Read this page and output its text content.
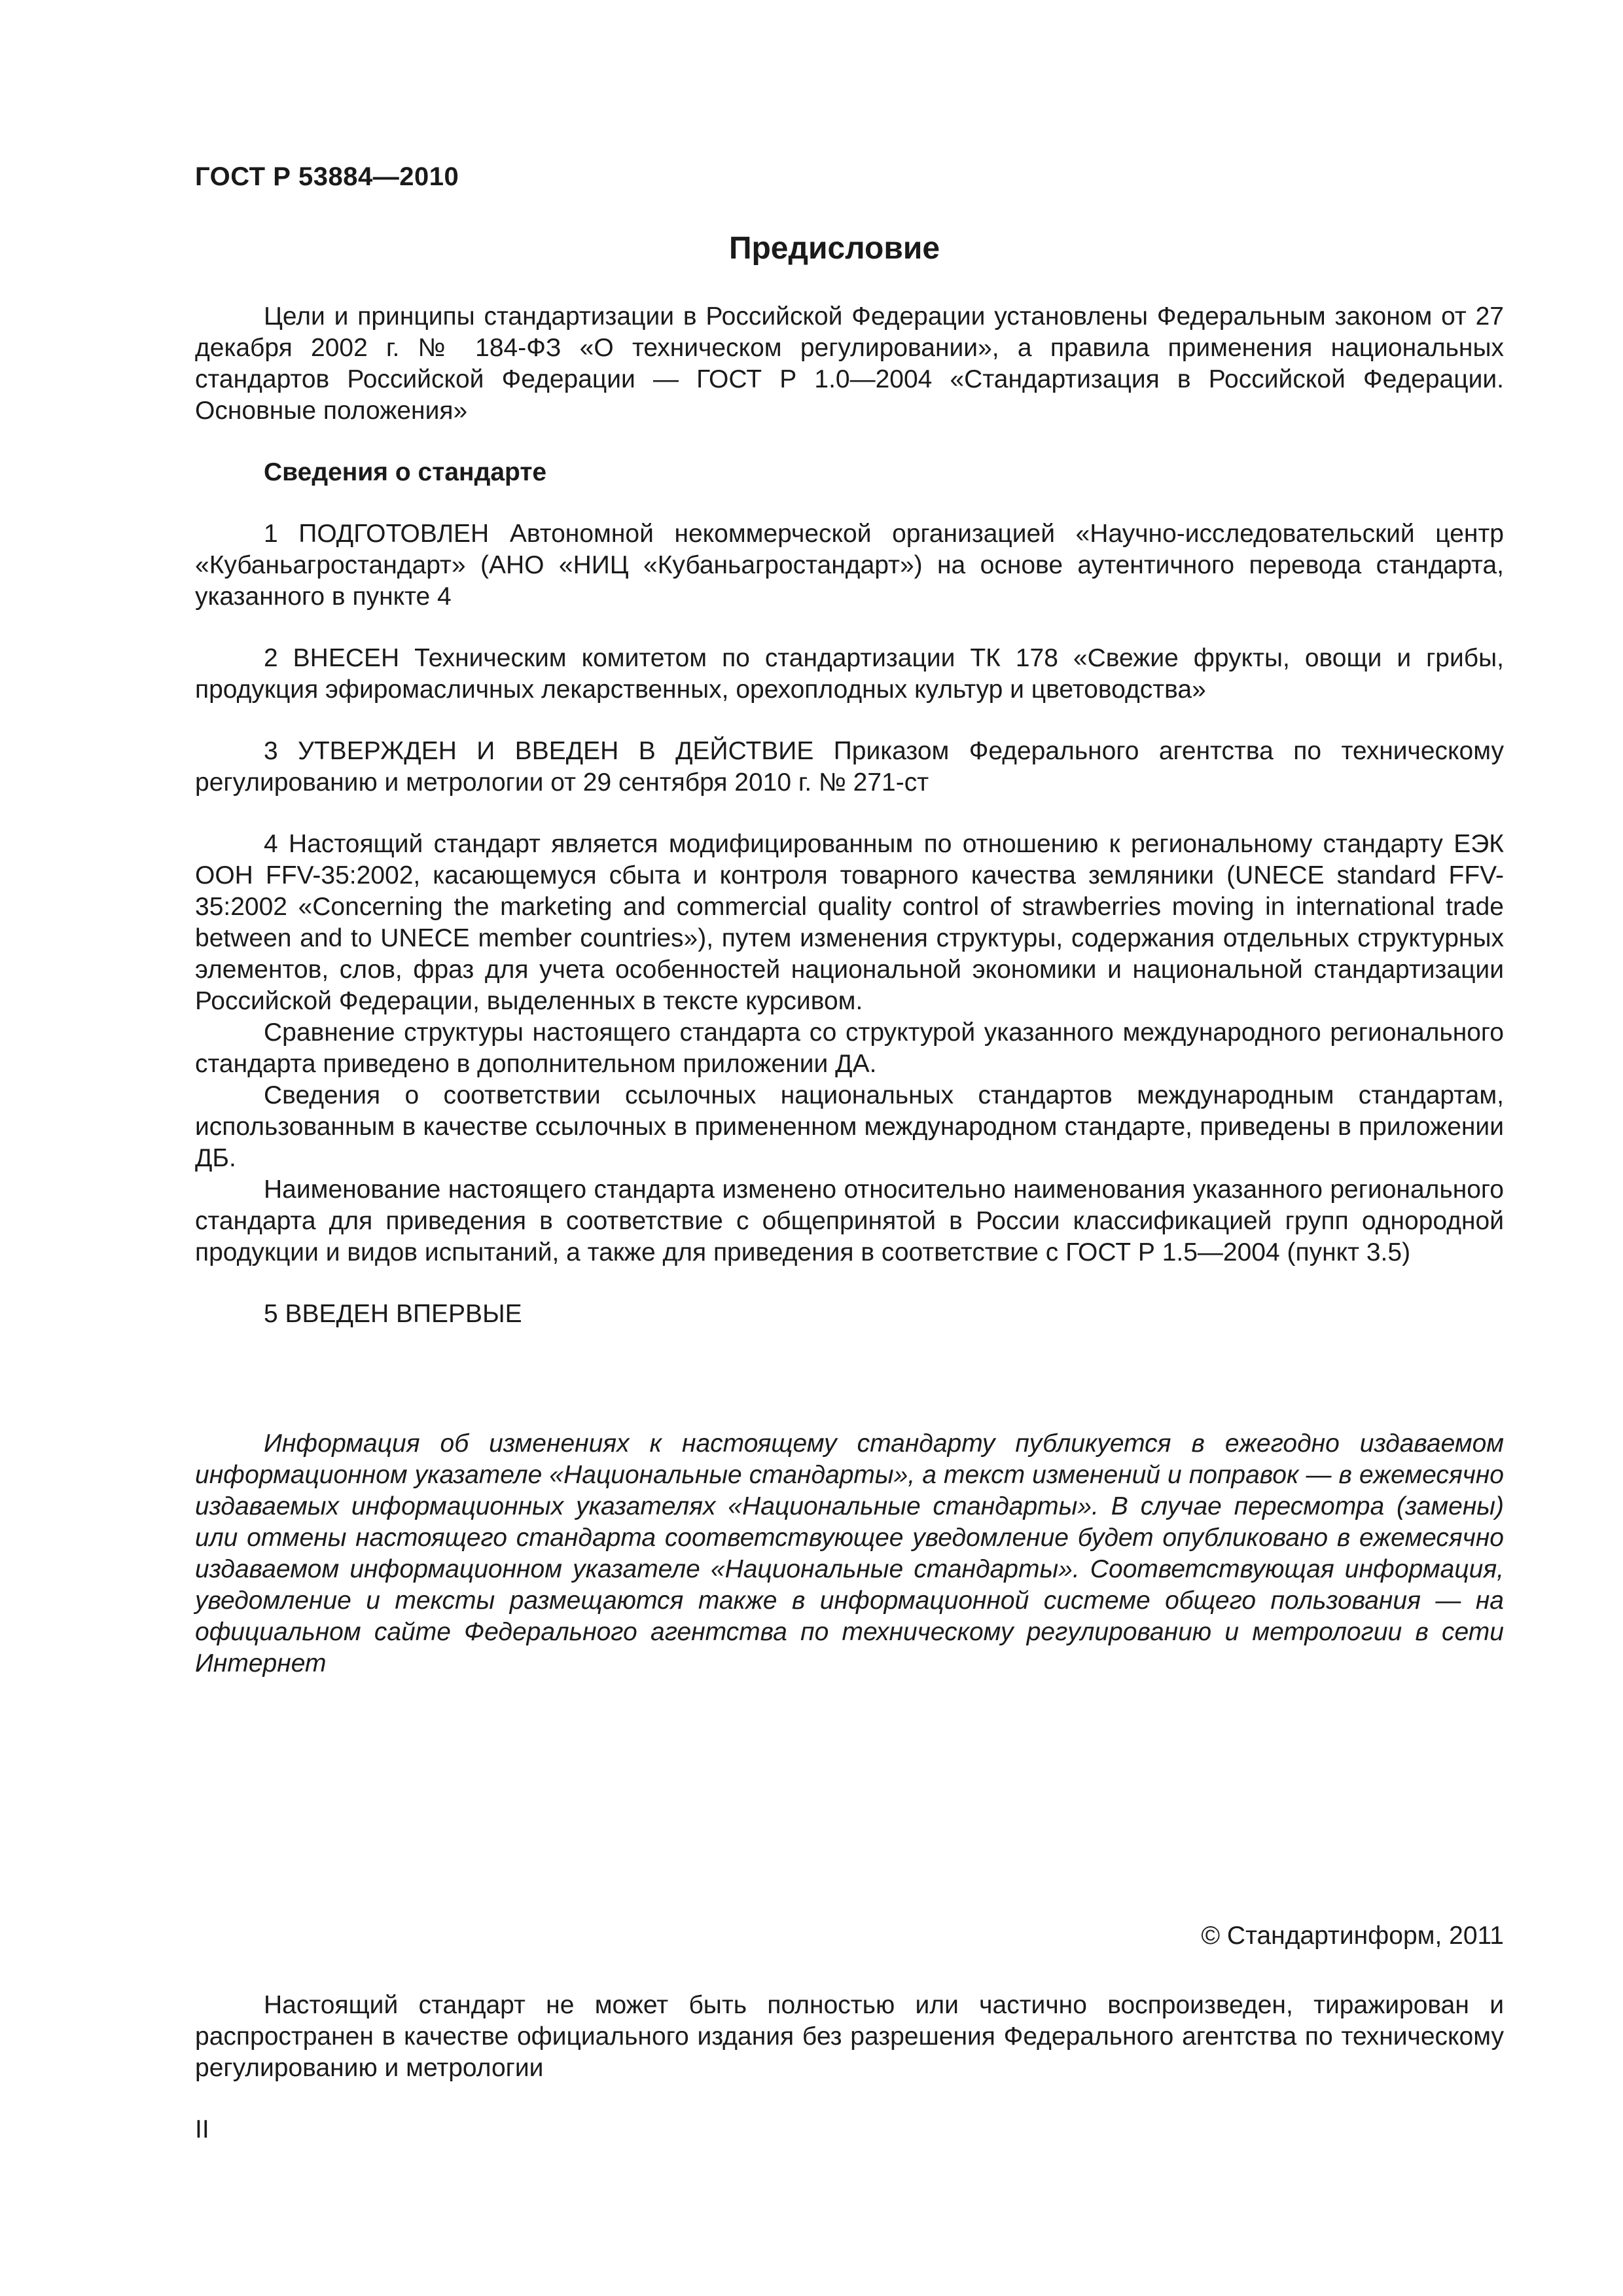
ГОСТ Р 53884—2010
Предисловие

Цели и принципы стандартизации в Российской Федерации установлены Федеральным законом от 27 декабря 2002 г. № 184-ФЗ «О техническом регулировании», а правила применения национальных стандартов Российской Федерации — ГОСТ Р 1.0—2004 «Стандартизация в Российской Федерации. Основные положения»

Сведения о стандарте

1 ПОДГОТОВЛЕН Автономной некоммерческой организацией «Научно-исследовательский центр «Кубаньагростандарт» (АНО «НИЦ «Кубаньагростандарт») на основе аутентичного перевода стандарта, указанного в пункте 4

2 ВНЕСЕН Техническим комитетом по стандартизации ТК 178 «Свежие фрукты, овощи и грибы, продукция эфиромасличных лекарственных, орехоплодных культур и цветоводства»

3 УТВЕРЖДЕН И ВВЕДЕН В ДЕЙСТВИЕ Приказом Федерального агентства по техническому регулированию и метрологии от 29 сентября 2010 г. № 271-ст

4 Настоящий стандарт является модифицированным по отношению к региональному стандарту ЕЭК ООН FFV-35:2002, касающемуся сбыта и контроля товарного качества земляники (UNECE standard FFV-35:2002 «Concerning the marketing and commercial quality control of strawberries moving in international trade between and to UNECE member countries»), путем изменения структуры, содержания отдельных структурных элементов, слов, фраз для учета особенностей национальной экономики и национальной стандартизации Российской Федерации, выделенных в тексте курсивом.

Сравнение структуры настоящего стандарта со структурой указанного международного регионального стандарта приведено в дополнительном приложении ДА.

Сведения о соответствии ссылочных национальных стандартов международным стандартам, использованным в качестве ссылочных в примененном международном стандарте, приведены в приложении ДБ.

Наименование настоящего стандарта изменено относительно наименования указанного регионального стандарта для приведения в соответствие с общепринятой в России классификацией групп однородной продукции и видов испытаний, а также для приведения в соответствие с ГОСТ Р 1.5—2004 (пункт 3.5)

5 ВВЕДЕН ВПЕРВЫЕ

Информация об изменениях к настоящему стандарту публикуется в ежегодно издаваемом информационном указателе «Национальные стандарты», а текст изменений и поправок — в ежемесячно издаваемых информационных указателях «Национальные стандарты». В случае пересмотра (замены) или отмены настоящего стандарта соответствующее уведомление будет опубликовано в ежемесячно издаваемом информационном указателе «Национальные стандарты». Соответствующая информация, уведомление и тексты размещаются также в информационной системе общего пользования — на официальном сайте Федерального агентства по техническому регулированию и метрологии в сети Интернет

© Стандартинформ, 2011
Настоящий стандарт не может быть полностью или частично воспроизведен, тиражирован и распространен в качестве официального издания без разрешения Федерального агентства по техническому регулированию и метрологии
II
